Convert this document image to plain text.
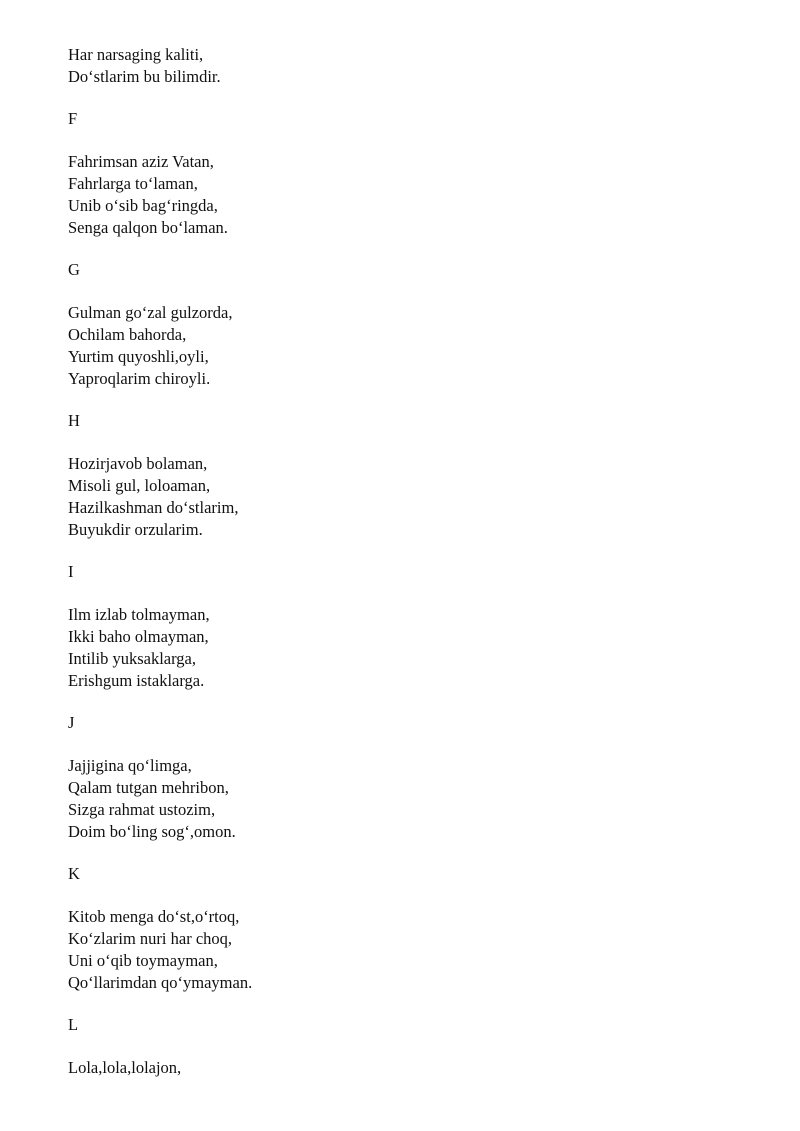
Har narsaging kaliti,
Do‘stlarim bu bilimdir.
F
Fahrimsan aziz Vatan,
Fahrlarga to‘laman,
Unib o‘sib bag‘ringda,
Senga qalqon bo‘laman.
G
Gulman go‘zal gulzorda,
Ochilam bahorda,
Yurtim quyoshli,oyli,
Yaproqlarim chiroyli.
H
Hozirjavob bolaman,
Misoli gul, loloaman,
Hazilkashman do‘stlarim,
Buyukdir orzularim.
I
Ilm izlab tolmayman,
Ikki baho olmayman,
Intilib yuksaklarga,
Erishgum istaklarga.
J
Jajjigina qo‘limga,
Qalam tutgan mehribon,
Sizga rahmat ustozim,
Doim bo‘ling sog‘,omon.
K
Kitob menga do‘st,o‘rtoq,
Ko‘zlarim nuri har choq,
Uni o‘qib toymayman,
Qo‘llarimdan qo‘ymayman.
L
Lola,lola,lolajon,
